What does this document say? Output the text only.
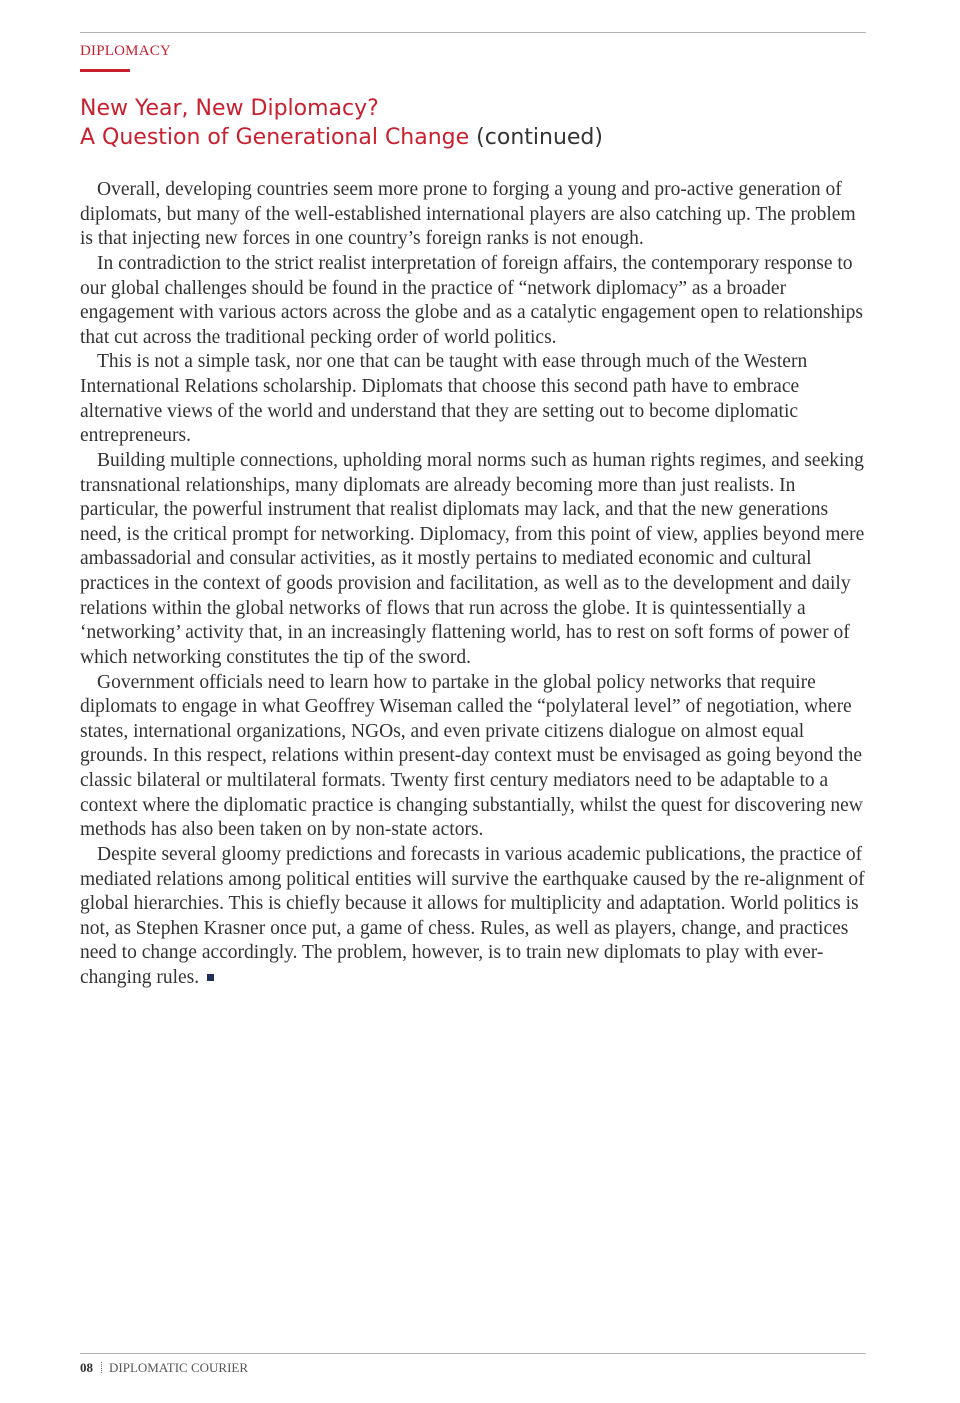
DIPLOMACY
New Year, New Diplomacy?
A Question of Generational Change (continued)

Overall, developing countries seem more prone to forging a young and pro-active generation of diplomats, but many of the well-established international players are also catching up. The problem is that injecting new forces in one country’s foreign ranks is not enough.

In contradiction to the strict realist interpretation of foreign affairs, the contemporary response to our global challenges should be found in the practice of “network diplomacy” as a broader engagement with various actors across the globe and as a catalytic engagement open to relationships that cut across the traditional pecking order of world politics.

This is not a simple task, nor one that can be taught with ease through much of the Western International Relations scholarship. Diplomats that choose this second path have to embrace alternative views of the world and understand that they are setting out to become diplomatic entrepreneurs.

Building multiple connections, upholding moral norms such as human rights regimes, and seeking transnational relationships, many diplomats are already becoming more than just realists. In particular, the powerful instrument that realist diplomats may lack, and that the new generations need, is the critical prompt for networking. Diplomacy, from this point of view, applies beyond mere ambassadorial and consular activities, as it mostly pertains to mediated economic and cultural practices in the context of goods provision and facilitation, as well as to the development and daily relations within the global networks of flows that run across the globe. It is quintessentially a ‘networking’ activity that, in an increasingly flattening world, has to rest on soft forms of power of which networking constitutes the tip of the sword.

Government officials need to learn how to partake in the global policy networks that require diplomats to engage in what Geoffrey Wiseman called the “polylateral level” of negotiation, where states, international organizations, NGOs, and even private citizens dialogue on almost equal grounds. In this respect, relations within present-day context must be envisaged as going beyond the classic bilateral or multilateral formats. Twenty first century mediators need to be adaptable to a context where the diplomatic practice is changing substantially, whilst the quest for discovering new methods has also been taken on by non-state actors.

Despite several gloomy predictions and forecasts in various academic publications, the practice of mediated relations among political entities will survive the earthquake caused by the re-alignment of global hierarchies. This is chiefly because it allows for multiplicity and adaptation. World politics is not, as Stephen Krasner once put, a game of chess. Rules, as well as players, change, and practices need to change accordingly. The problem, however, is to train new diplomats to play with ever-changing rules.

08 DIPLOMATIC COURIER
